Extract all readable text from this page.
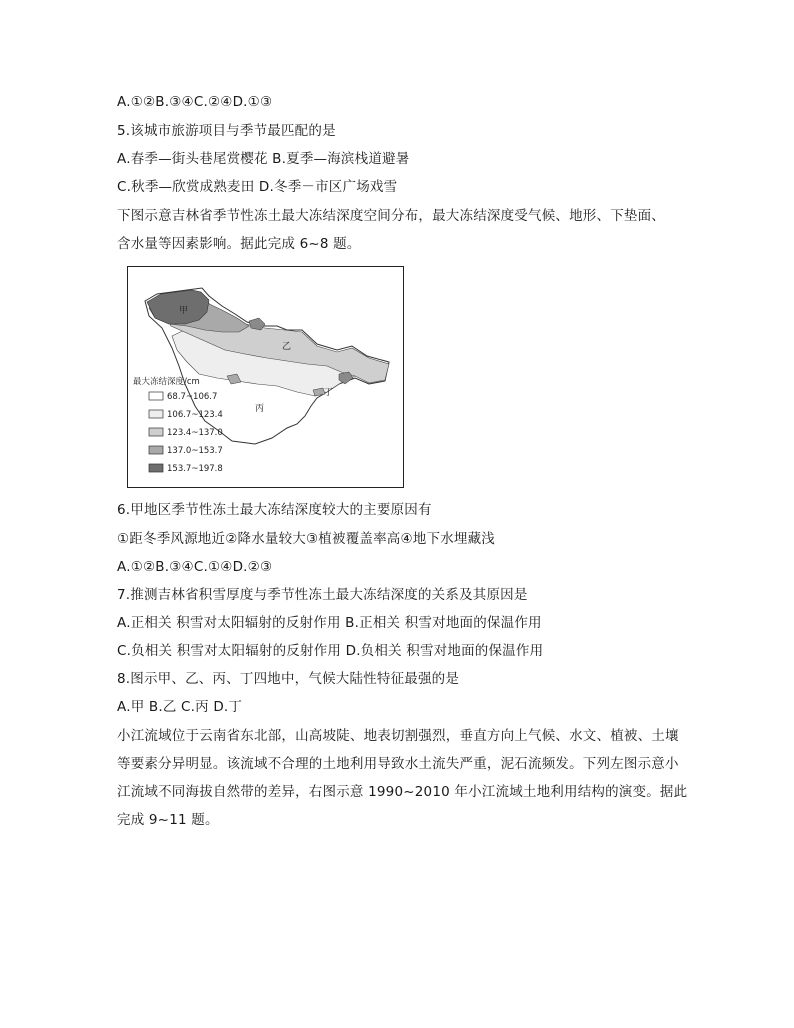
A.①②B.③④C.②④D.①③
5.该城市旅游项目与季节最匹配的是
A.春季—街头巷尾赏樱花 B.夏季—海滨栈道避暑
C.秋季—欣赏成熟麦田 D.冬季－市区广场戏雪
下图示意吉林省季节性冻土最大冻结深度空间分布，最大冻结深度受气候、地形、下垫面、
含水量等因素影响。据此完成 6~8 题。
甲
乙
丙
丁
最大冻结深度/cm
68.7~106.7
106.7~123.4
123.4~137.0
137.0~153.7
153.7~197.8
6.甲地区季节性冻土最大冻结深度较大的主要原因有
①距冬季风源地近②降水量较大③植被覆盖率高④地下水埋藏浅
A.①②B.③④C.①④D.②③
7.推测吉林省积雪厚度与季节性冻土最大冻结深度的关系及其原因是
A.正相关 积雪对太阳辐射的反射作用 B.正相关 积雪对地面的保温作用
C.负相关 积雪对太阳辐射的反射作用 D.负相关 积雪对地面的保温作用
8.图示甲、乙、丙、丁四地中，气候大陆性特征最强的是
A.甲 B.乙 C.丙 D.丁
小江流域位于云南省东北部，山高坡陡、地表切割强烈，垂直方向上气候、水文、植被、土壤
等要素分异明显。该流域不合理的土地利用导致水土流失严重，泥石流频发。下列左图示意小
江流域不同海拔自然带的差异，右图示意 1990~2010 年小江流域土地利用结构的演变。据此
完成 9~11 题。
